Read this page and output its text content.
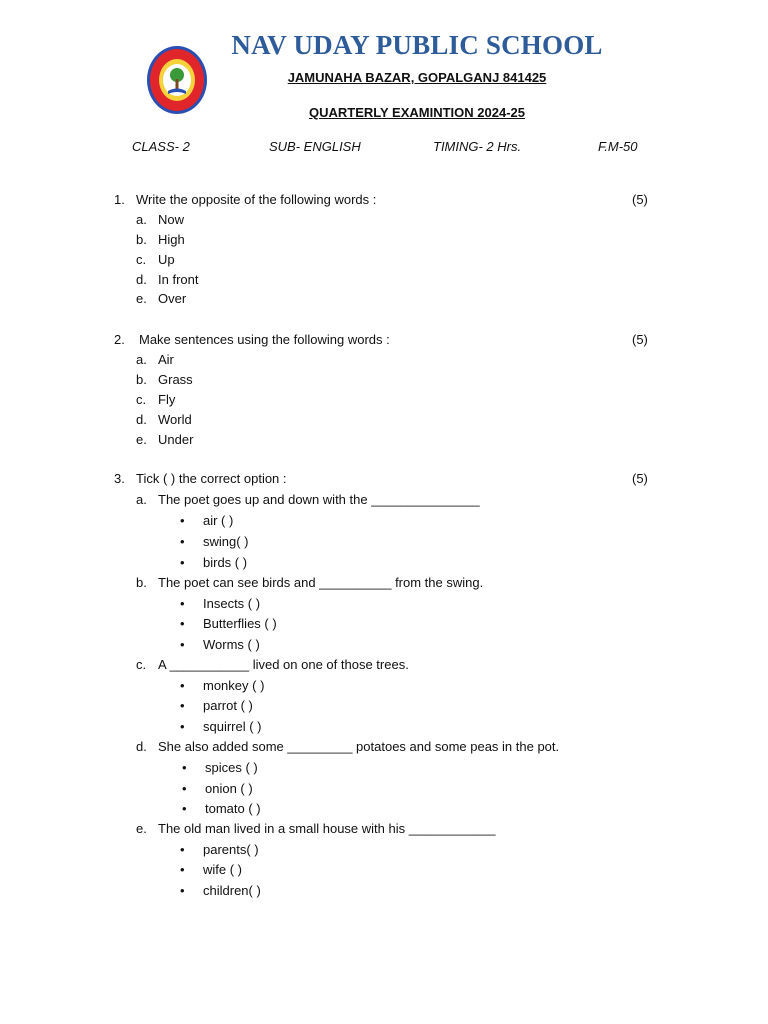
NAV UDAY PUBLIC SCHOOL
JAMUNAHA BAZAR, GOPALGANJ 841425
QUARTERLY EXAMINTION 2024-25
CLASS- 2	SUB- ENGLISH	TIMING- 2 Hrs.	F.M-50
1. Write the opposite of the following words :	(5)
a. Now
b. High
c. Up
d. In front
e. Over
2. Make sentences using the following words :	(5)
a. Air
b. Grass
c. Fly
d. World
e. Under
3. Tick ( ) the correct option :	(5)
a. The poet goes up and down with the _______________
• air ( )
• swing( )
• birds ( )
b. The poet can see birds and __________ from the swing.
• Insects ( )
• Butterflies ( )
• Worms ( )
c. A ___________ lived on one of those trees.
• monkey ( )
• parrot ( )
• squirrel ( )
d. She also added some _________ potatoes and some peas in the pot.
• spices ( )
• onion ( )
• tomato ( )
e. The old man lived in a small house with his ____________
• parents( )
• wife ( )
• children( )
